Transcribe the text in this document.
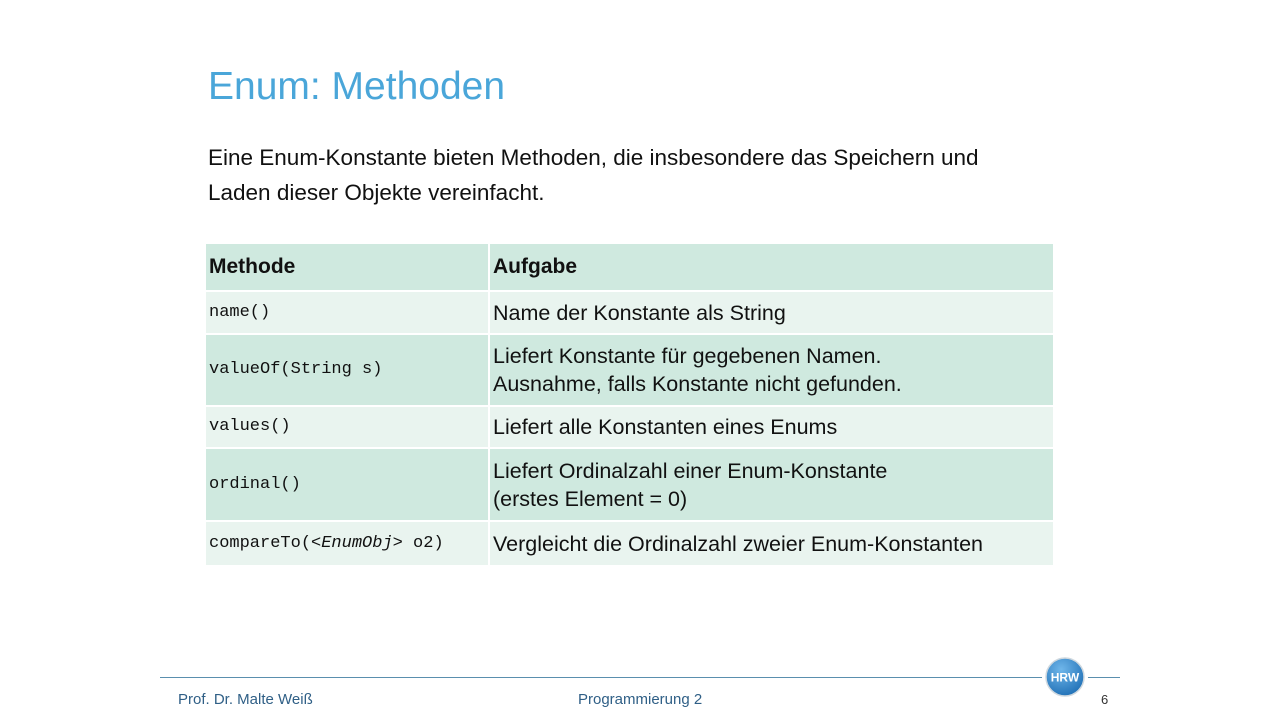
Enum: Methoden
Eine Enum-Konstante bieten Methoden, die insbesondere das Speichern und
Laden dieser Objekte vereinfacht.
Methode	Aufgabe
name()	Name der Konstante als String

valueOf(String s)	Liefert Konstante für gegebenen Namen.
Ausnahme, falls Konstante nicht gefunden.

values()	Liefert alle Konstanten eines Enums

ordinal()	Liefert Ordinalzahl einer Enum-Konstante
(erstes Element = 0)

compareTo(<EnumObj> o2)	Vergleicht die Ordinalzahl zweier Enum-Konstanten
HRW
Prof. Dr. Malte Weiß	Programmierung 2	6
